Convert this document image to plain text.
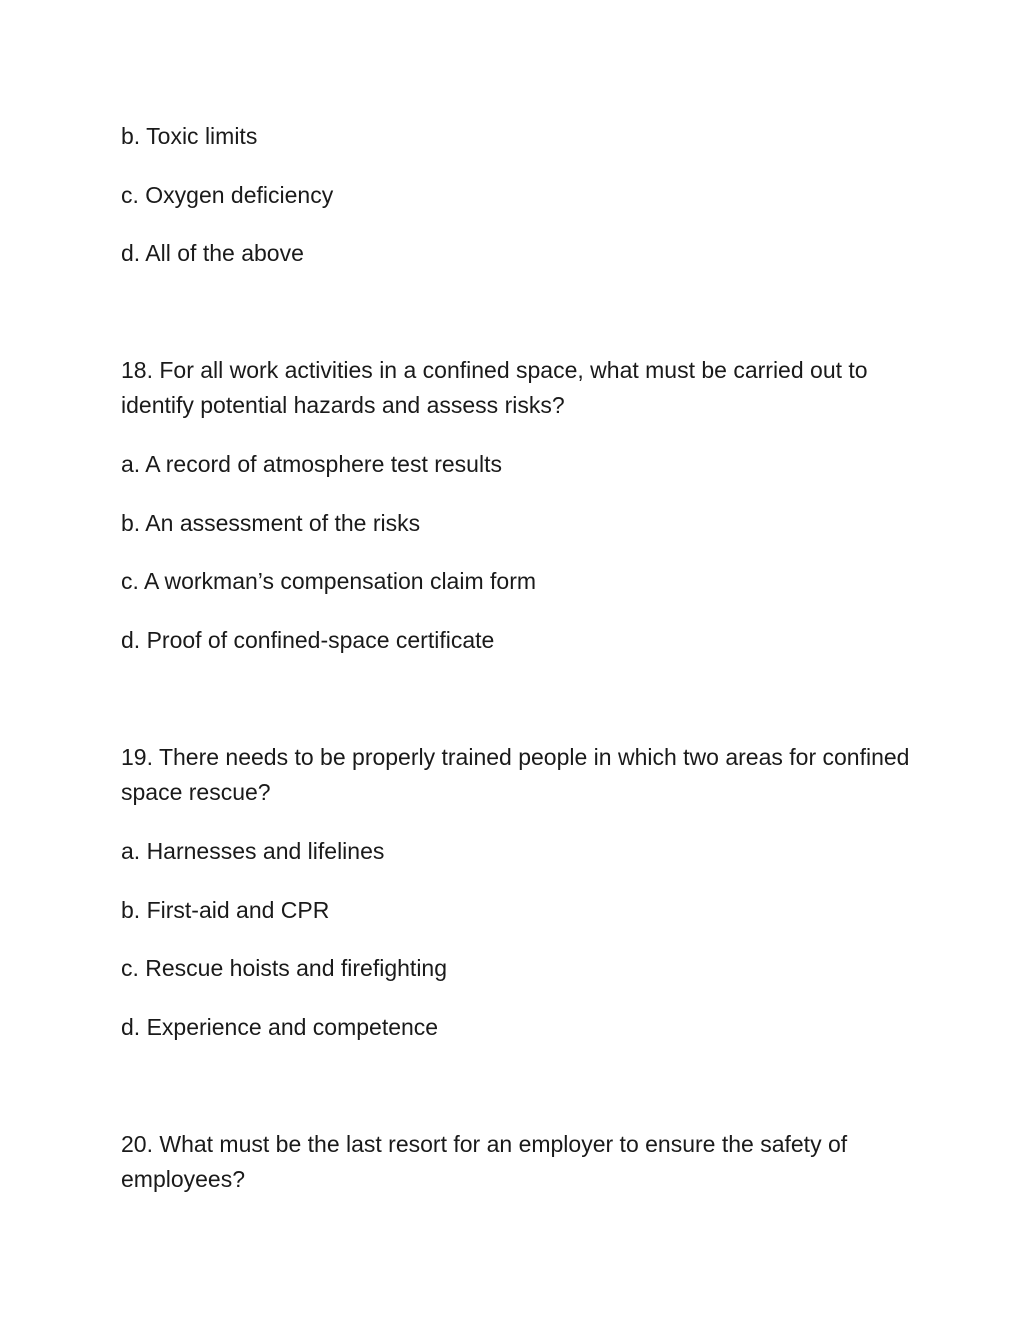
b. Toxic limits

c. Oxygen deficiency

d. All of the above

18. For all work activities in a confined space, what must be carried out to identify potential hazards and assess risks?

a. A record of atmosphere test results

b. An assessment of the risks

c. A workman’s compensation claim form

d. Proof of confined-space certificate

19. There needs to be properly trained people in which two areas for confined space rescue?

a. Harnesses and lifelines

b. First-aid and CPR

c. Rescue hoists and firefighting

d. Experience and competence

20. What must be the last resort for an employer to ensure the safety of employees?
